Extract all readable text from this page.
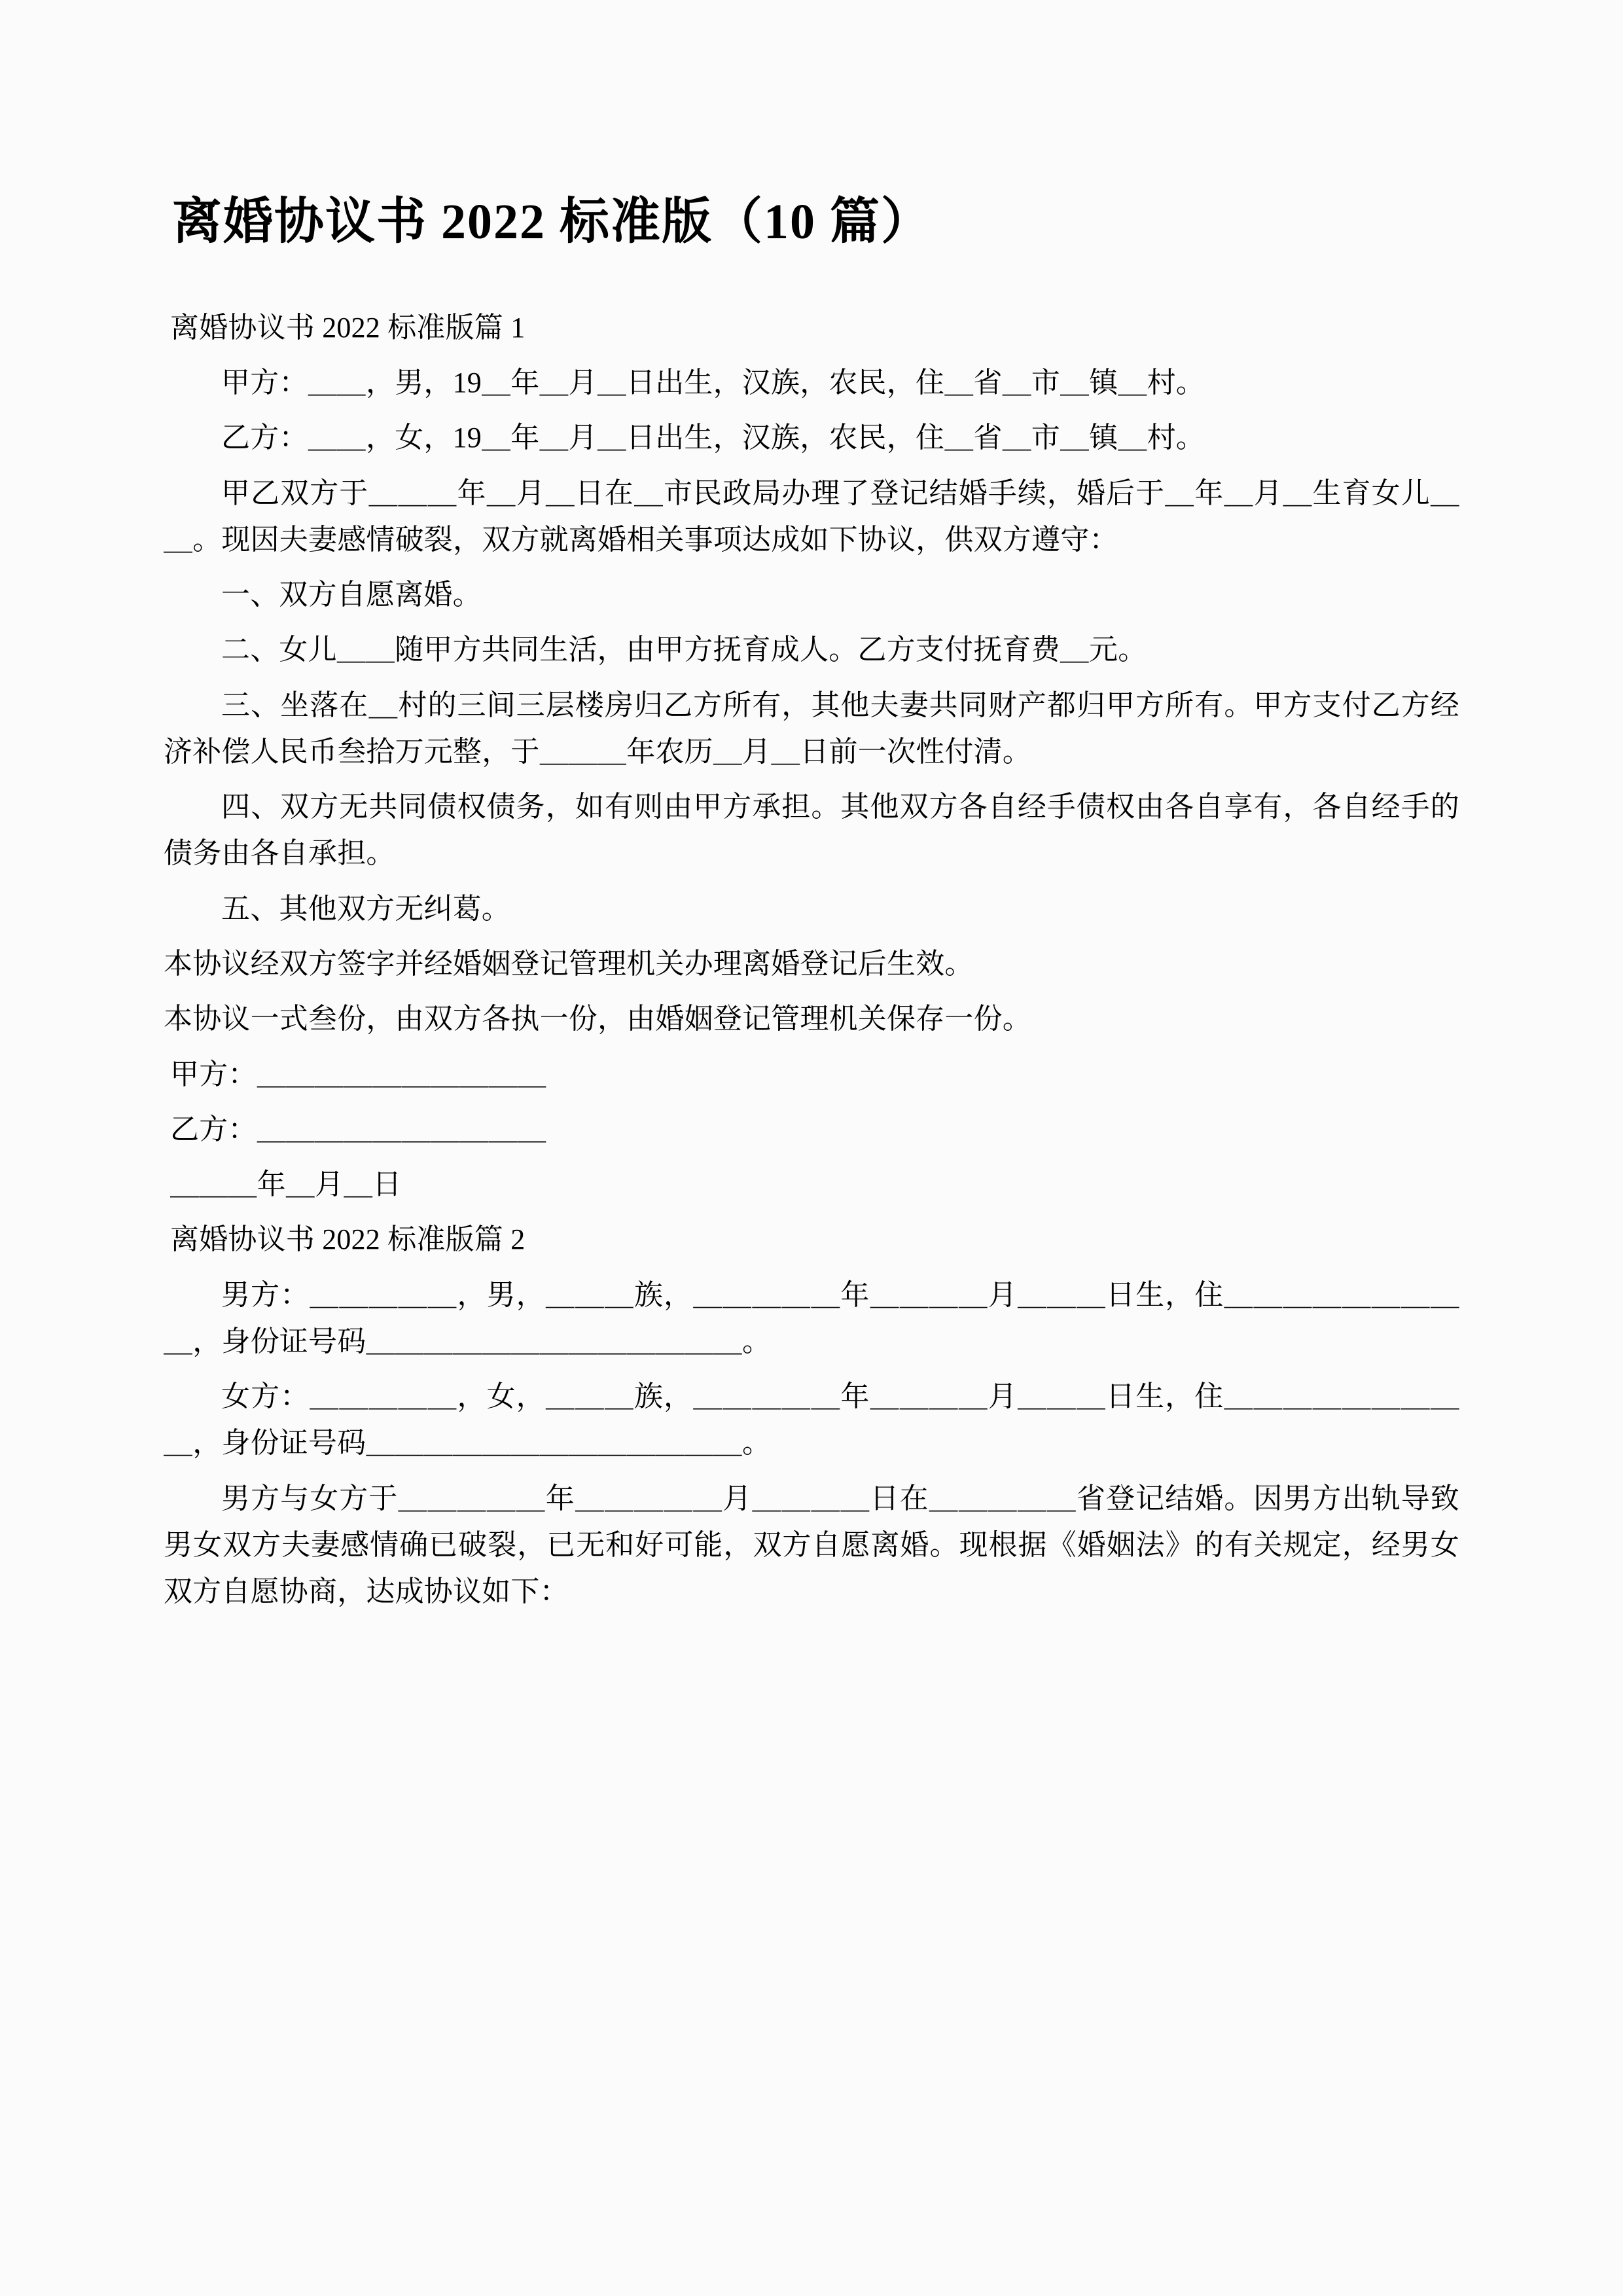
离婚协议书 2022 标准版（10 篇）

离婚协议书 2022 标准版篇 1

甲方：＿＿，男，19＿年＿月＿日出生，汉族，农民，住＿省＿市＿镇＿村。

乙方：＿＿，女，19＿年＿月＿日出生，汉族，农民，住＿省＿市＿镇＿村。

甲乙双方于＿＿＿年＿月＿日在＿市民政局办理了登记结婚手续，婚后于＿年＿月＿生育女儿＿＿。现因夫妻感情破裂，双方就离婚相关事项达成如下协议，供双方遵守：

一、双方自愿离婚。

二、女儿＿＿随甲方共同生活，由甲方抚育成人。乙方支付抚育费＿元。

三、坐落在＿村的三间三层楼房归乙方所有，其他夫妻共同财产都归甲方所有。甲方支付乙方经济补偿人民币叁拾万元整，于＿＿＿年农历＿月＿日前一次性付清。

四、双方无共同债权债务，如有则由甲方承担。其他双方各自经手债权由各自享有，各自经手的债务由各自承担。

五、其他双方无纠葛。

本协议经双方签字并经婚姻登记管理机关办理离婚登记后生效。

本协议一式叁份，由双方各执一份，由婚姻登记管理机关保存一份。

甲方：＿＿＿＿＿＿＿＿＿＿

乙方：＿＿＿＿＿＿＿＿＿＿

＿＿＿年＿月＿日

离婚协议书 2022 标准版篇 2

男方：＿＿＿＿＿，男，＿＿＿族，＿＿＿＿＿年＿＿＿＿月＿＿＿日生，住＿＿＿＿＿＿＿＿＿，身份证号码＿＿＿＿＿＿＿＿＿＿＿＿＿。

女方：＿＿＿＿＿，女，＿＿＿族，＿＿＿＿＿年＿＿＿＿月＿＿＿日生，住＿＿＿＿＿＿＿＿＿，身份证号码＿＿＿＿＿＿＿＿＿＿＿＿＿。

男方与女方于＿＿＿＿＿年＿＿＿＿＿月＿＿＿＿日在＿＿＿＿＿省登记结婚。因男方出轨导致男女双方夫妻感情确已破裂，已无和好可能，双方自愿离婚。现根据《婚姻法》的有关规定，经男女双方自愿协商，达成协议如下：
